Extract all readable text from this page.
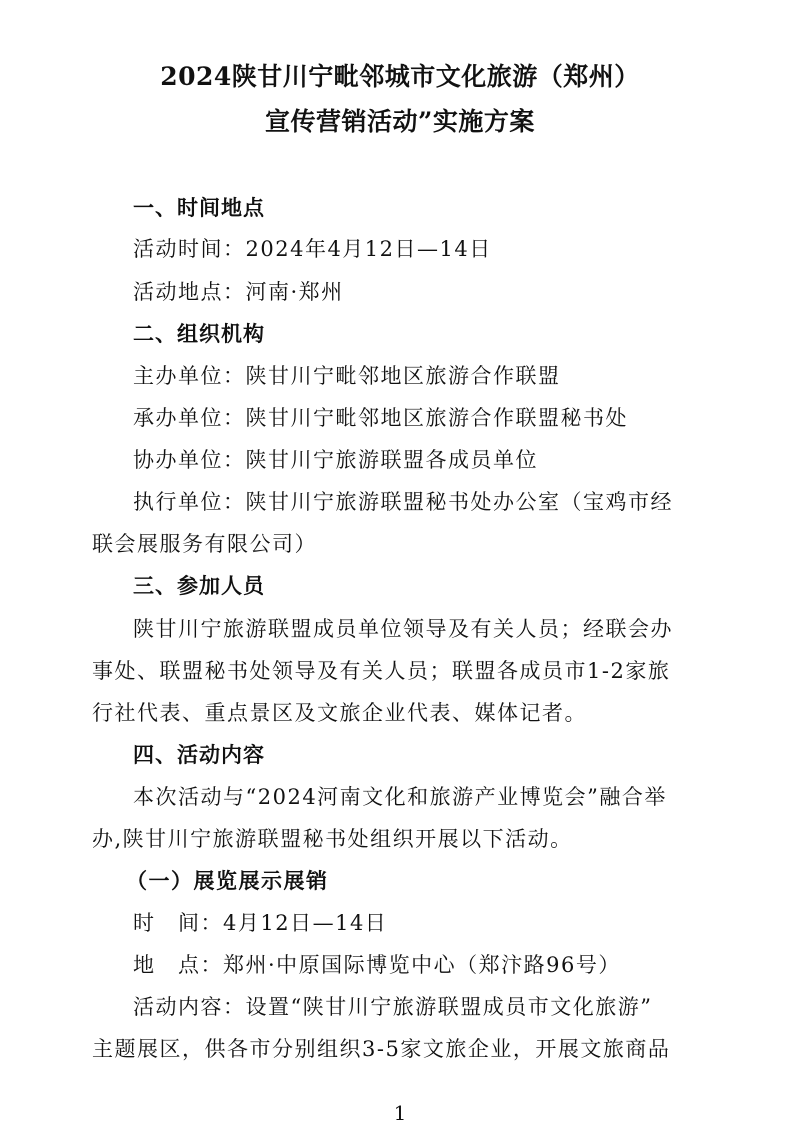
2024陕甘川宁毗邻城市文化旅游（郑州）
宣传营销活动”实施方案
一、时间地点
活动时间：2024年4月12日—14日
活动地点：河南·郑州
二、组织机构
主办单位：陕甘川宁毗邻地区旅游合作联盟
承办单位：陕甘川宁毗邻地区旅游合作联盟秘书处
协办单位：陕甘川宁旅游联盟各成员单位
执行单位：陕甘川宁旅游联盟秘书处办公室（宝鸡市经
联会展服务有限公司）
三、参加人员
陕甘川宁旅游联盟成员单位领导及有关人员；经联会办
事处、联盟秘书处领导及有关人员；联盟各成员市1-2家旅
行社代表、重点景区及文旅企业代表、媒体记者。
四、活动内容
本次活动与“2024河南文化和旅游产业博览会”融合举
办,陕甘川宁旅游联盟秘书处组织开展以下活动。
（一）展览展示展销
时　间：4月12日—14日
地　点：郑州·中原国际博览中心（郑汴路96号）
活动内容：设置“陕甘川宁旅游联盟成员市文化旅游”
主题展区，供各市分别组织3-5家文旅企业，开展文旅商品
1
